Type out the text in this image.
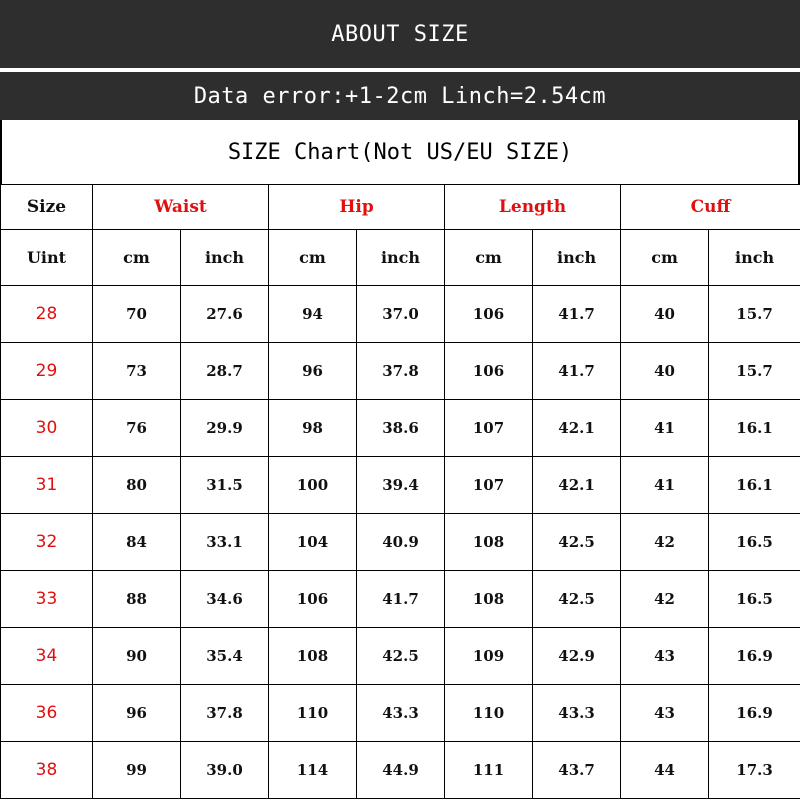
ABOUT SIZE
Data error:+1-2cm Linch=2.54cm
SIZE Chart(Not US/EU SIZE)
Size	Waist		Hip		Length		Cuff	
Uint	cm	inch	cm	inch	cm	inch	cm	inch
28	70	27.6	94	37.0	106	41.7	40	15.7
29	73	28.7	96	37.8	106	41.7	40	15.7
30	76	29.9	98	38.6	107	42.1	41	16.1
31	80	31.5	100	39.4	107	42.1	41	16.1
32	84	33.1	104	40.9	108	42.5	42	16.5
33	88	34.6	106	41.7	108	42.5	42	16.5
34	90	35.4	108	42.5	109	42.9	43	16.9
36	96	37.8	110	43.3	110	43.3	43	16.9
38	99	39.0	114	44.9	111	43.7	44	17.3
